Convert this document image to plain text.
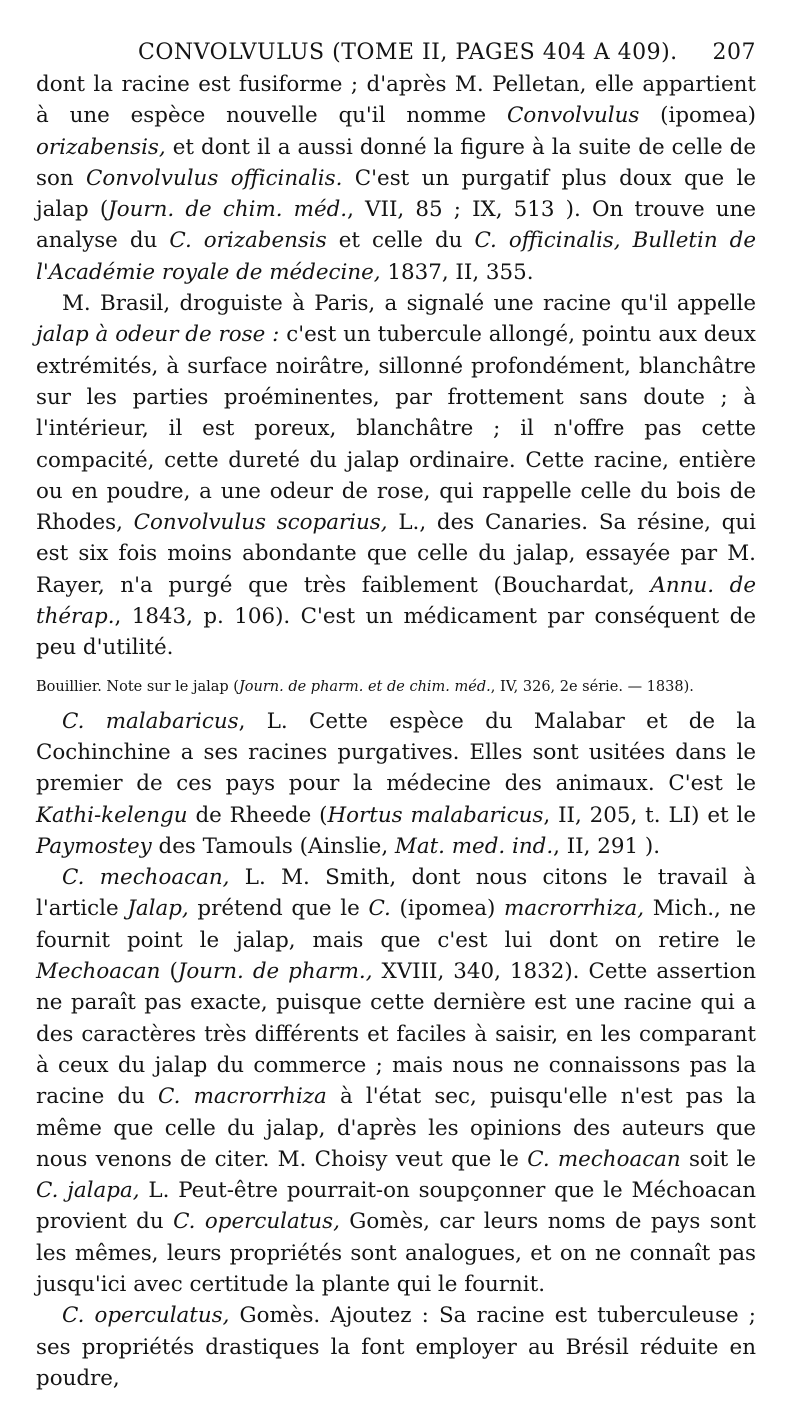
CONVOLVULUS (TOME II, PAGES 404 A 409). 207

dont la racine est fusiforme ; d'après M. Pelletan, elle appartient à une espèce nouvelle qu'il nomme Convolvulus (ipomea) orizabensis, et dont il a aussi donné la figure à la suite de celle de son Convolvulus officinalis. C'est un purgatif plus doux que le jalap (Journ. de chim. méd., VII, 85 ; IX, 513 ). On trouve une analyse du C. orizabensis et celle du C. officinalis, Bulletin de l'Académie royale de médecine, 1837, II, 355.

M. Brasil, droguiste à Paris, a signalé une racine qu'il appelle jalap à odeur de rose : c'est un tubercule allongé, pointu aux deux extrémités, à surface noirâtre, sillonné profondément, blanchâtre sur les parties proéminentes, par frottement sans doute ; à l'intérieur, il est poreux, blanchâtre ; il n'offre pas cette compacité, cette dureté du jalap ordinaire. Cette racine, entière ou en poudre, a une odeur de rose, qui rappelle celle du bois de Rhodes, Convolvulus scoparius, L., des Canaries. Sa résine, qui est six fois moins abondante que celle du jalap, essayée par M. Rayer, n'a purgé que très faiblement (Bouchardat, Annu. de thérap., 1843, p. 106). C'est un médicament par conséquent de peu d'utilité.

Bouillier. Note sur le jalap (Journ. de pharm. et de chim. méd., IV, 326, 2e série. — 1838).

C. malabaricus, L. Cette espèce du Malabar et de la Cochinchine a ses racines purgatives. Elles sont usitées dans le premier de ces pays pour la médecine des animaux. C'est le Kathi-kelengu de Rheede (Hortus malabaricus, II, 205, t. LI) et le Paymostey des Tamouls (Ainslie, Mat. med. ind., II, 291 ).

C. mechoacan, L. M. Smith, dont nous citons le travail à l'article Jalap, prétend que le C. (ipomea) macrorrhiza, Mich., ne fournit point le jalap, mais que c'est lui dont on retire le Mechoacan (Journ. de pharm., XVIII, 340, 1832). Cette assertion ne paraît pas exacte, puisque cette dernière est une racine qui a des caractères très différents et faciles à saisir, en les comparant à ceux du jalap du commerce ; mais nous ne connaissons pas la racine du C. macrorrhiza à l'état sec, puisqu'elle n'est pas la même que celle du jalap, d'après les opinions des auteurs que nous venons de citer. M. Choisy veut que le C. mechoacan soit le C. jalapa, L. Peut-être pourrait-on soupçonner que le Méchoacan provient du C. operculatus, Gomès, car leurs noms de pays sont les mêmes, leurs propriétés sont analogues, et on ne connaît pas jusqu'ici avec certitude la plante qui le fournit.

C. operculatus, Gomès. Ajoutez : Sa racine est tuberculeuse ; ses propriétés drastiques la font employer au Brésil réduite en poudre,
